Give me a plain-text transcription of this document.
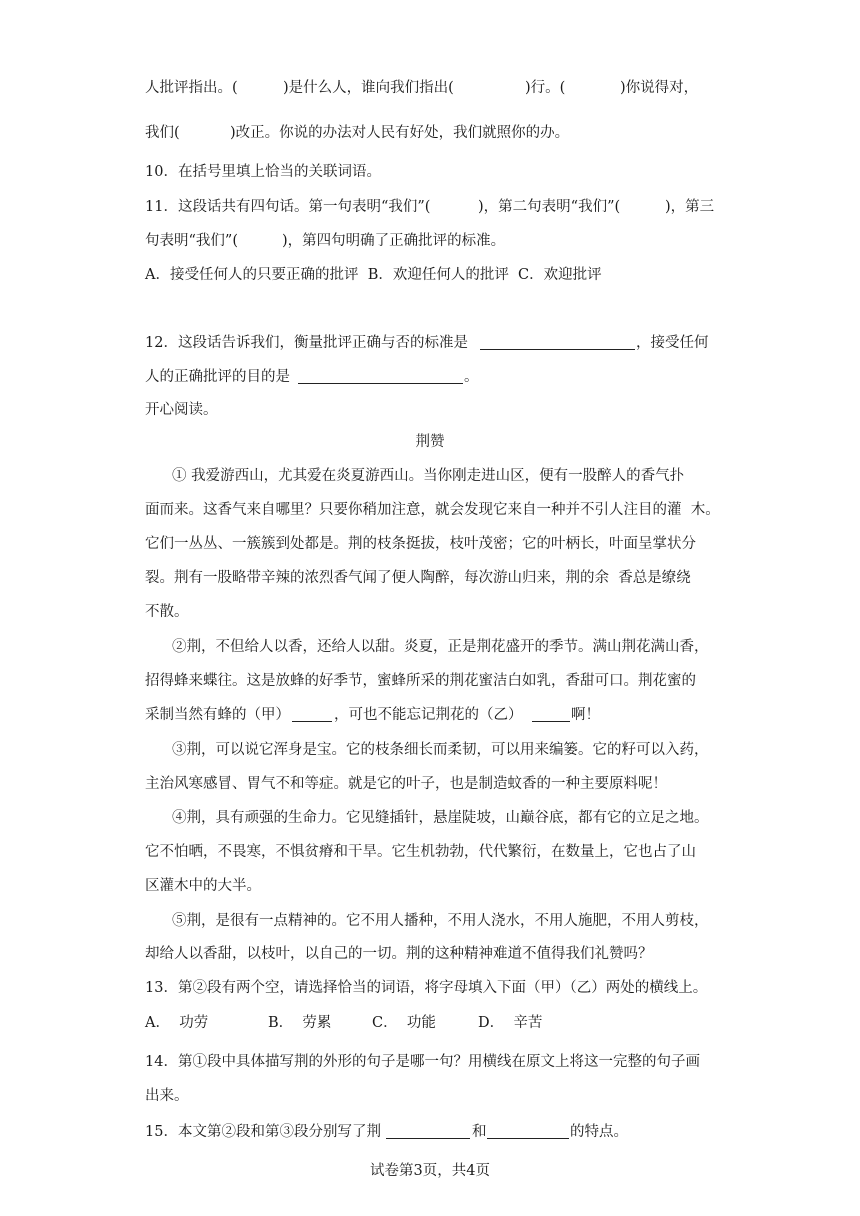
人批评指出。(	)是什么人，谁向我们指出(	)行。(	)你说得对，
我们(	)改正。你说的办法对人民有好处，我们就照你的办。
10．在括号里填上恰当的关联词语。
11．这段话共有四句话。第一句表明“我们”(	)，第二句表明“我们”(	)，第三
句表明“我们”(	)，第四句明确了正确批评的标准。
A．接受任何人的只要正确的批评  B．欢迎任何人的批评  C．欢迎批评
12．这段话告诉我们，衡量批评正确与否的标准是	，接受任何
人的正确批评的目的是	。
开心阅读。
荆赞
① 我爱游西山，尤其爱在炎夏游西山。当你刚走进山区，便有一股醉人的香气扑
面而来。这香气来自哪里？只要你稍加注意，就会发现它来自一种并不引人注目的灌  木。
它们一丛丛、一簇簇到处都是。荆的枝条挺拔，枝叶茂密；它的叶柄长，叶面呈掌状分
裂。荆有一股略带辛辣的浓烈香气闻了便人陶醉，每次游山归来，荆的余  香总是缭绕
不散。
②荆，不但给人以香，还给人以甜。炎夏，正是荆花盛开的季节。满山荆花满山香，
招得蜂来蝶往。这是放蜂的好季节，蜜蜂所采的荆花蜜洁白如乳，香甜可口。荆花蜜的
采制当然有蜂的（甲）	，可也不能忘记荆花的（乙）	啊！
③荆，可以说它浑身是宝。它的枝条细长而柔韧，可以用来编篓。它的籽可以入药，
主治风寒感冒、胃气不和等症。就是它的叶子，也是制造蚊香的一种主要原料呢！
④荆，具有顽强的生命力。它见缝插针，悬崖陡坡，山巅谷底，都有它的立足之地。
它不怕晒，不畏寒，不惧贫瘠和干旱。它生机勃勃，代代繁衍，在数量上，它也占了山
区灌木中的大半。
⑤荆，是很有一点精神的。它不用人播种，不用人浇水，不用人施肥，不用人剪枝，
却给人以香甜，以枝叶，以自己的一切。荆的这种精神难道不值得我们礼赞吗？
13．第②段有两个空，请选择恰当的词语，将字母填入下面（甲）（乙）两处的横线上。
A．  功劳	B．  劳累	C．  功能	D．  辛苦
14．第①段中具体描写荆的外形的句子是哪一句？用横线在原文上将这一完整的句子画
出来。
15．本文第②段和第③段分别写了荆	和	的特点。
试卷第3页，共4页
